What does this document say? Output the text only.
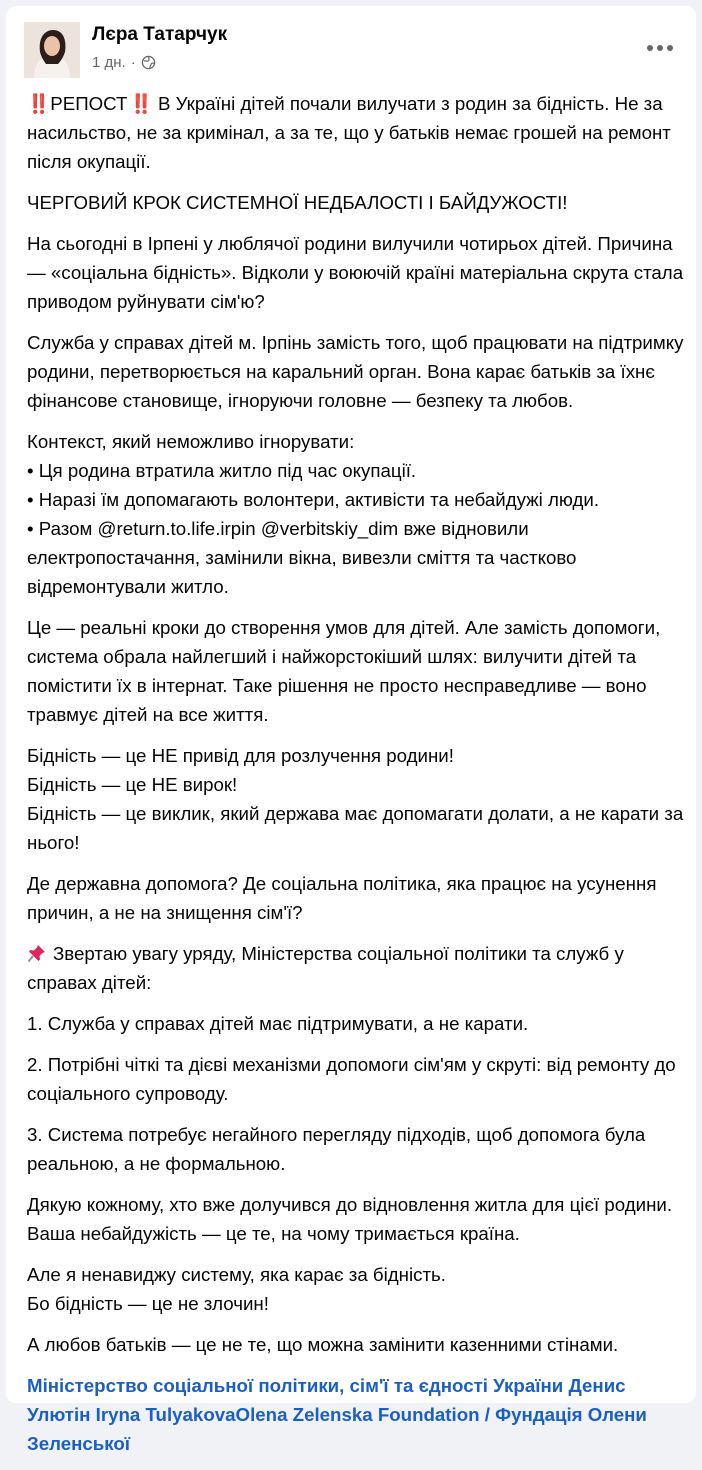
Лєра Татарчук
1 дн. ·

‼️ РЕПОСТ ‼️ В Україні дітей почали вилучати з родин за бідність. Не за насильство, не за кримінал, а за те, що у батьків немає грошей на ремонт після окупації.

ЧЕРГОВИЙ КРОК СИСТЕМНОЇ НЕДБАЛОСТІ І БАЙДУЖОСТІ!

На сьогодні в Ірпені у люблячої родини вилучили чотирьох дітей. Причина — «соціальна бідність». Відколи у воюючій країні матеріальна скрута стала приводом руйнувати сім'ю?

Служба у справах дітей м. Ірпінь замість того, щоб працювати на підтримку родини, перетворюється на каральний орган. Вона карає батьків за їхнє фінансове становище, ігноруючи головне — безпеку та любов.

Контекст, який неможливо ігнорувати:
• Ця родина втратила житло під час окупації.
• Наразі їм допомагають волонтери, активісти та небайдужі люди.
• Разом @return.to.life.irpin @verbitskiy_dim вже відновили електропостачання, замінили вікна, вивезли сміття та частково відремонтували житло.

Це — реальні кроки до створення умов для дітей. Але замість допомоги, система обрала найлегший і найжорстокіший шлях: вилучити дітей та помістити їх в інтернат. Таке рішення не просто несправедливе — воно травмує дітей на все життя.

Бідність — це НЕ привід для розлучення родини!
Бідність — це НЕ вирок!
Бідність — це виклик, який держава має допомагати долати, а не карати за нього!

Де державна допомога? Де соціальна політика, яка працює на усунення причин, а не на знищення сім'ї?

Звертаю увагу уряду, Міністерства соціальної політики та служб у справах дітей:

1. Служба у справах дітей має підтримувати, а не карати.

2. Потрібні чіткі та дієві механізми допомоги сім'ям у скруті: від ремонту до соціального супроводу.

3. Система потребує негайного перегляду підходів, щоб допомога була реальною, а не формальною.

Дякую кожному, хто вже долучився до відновлення житла для цієї родини. Ваша небайдужість — це те, на чому тримається країна.

Але я ненавиджу систему, яка карає за бідність.
Бо бідність — це не злочин!

А любов батьків — це не те, що можна замінити казенними стінами.

Міністерство соціальної політики, сім'ї та єдності України Денис Улютін Iryna TulyakovaOlena Zelenska Foundation / Фундація Олени Зеленської
